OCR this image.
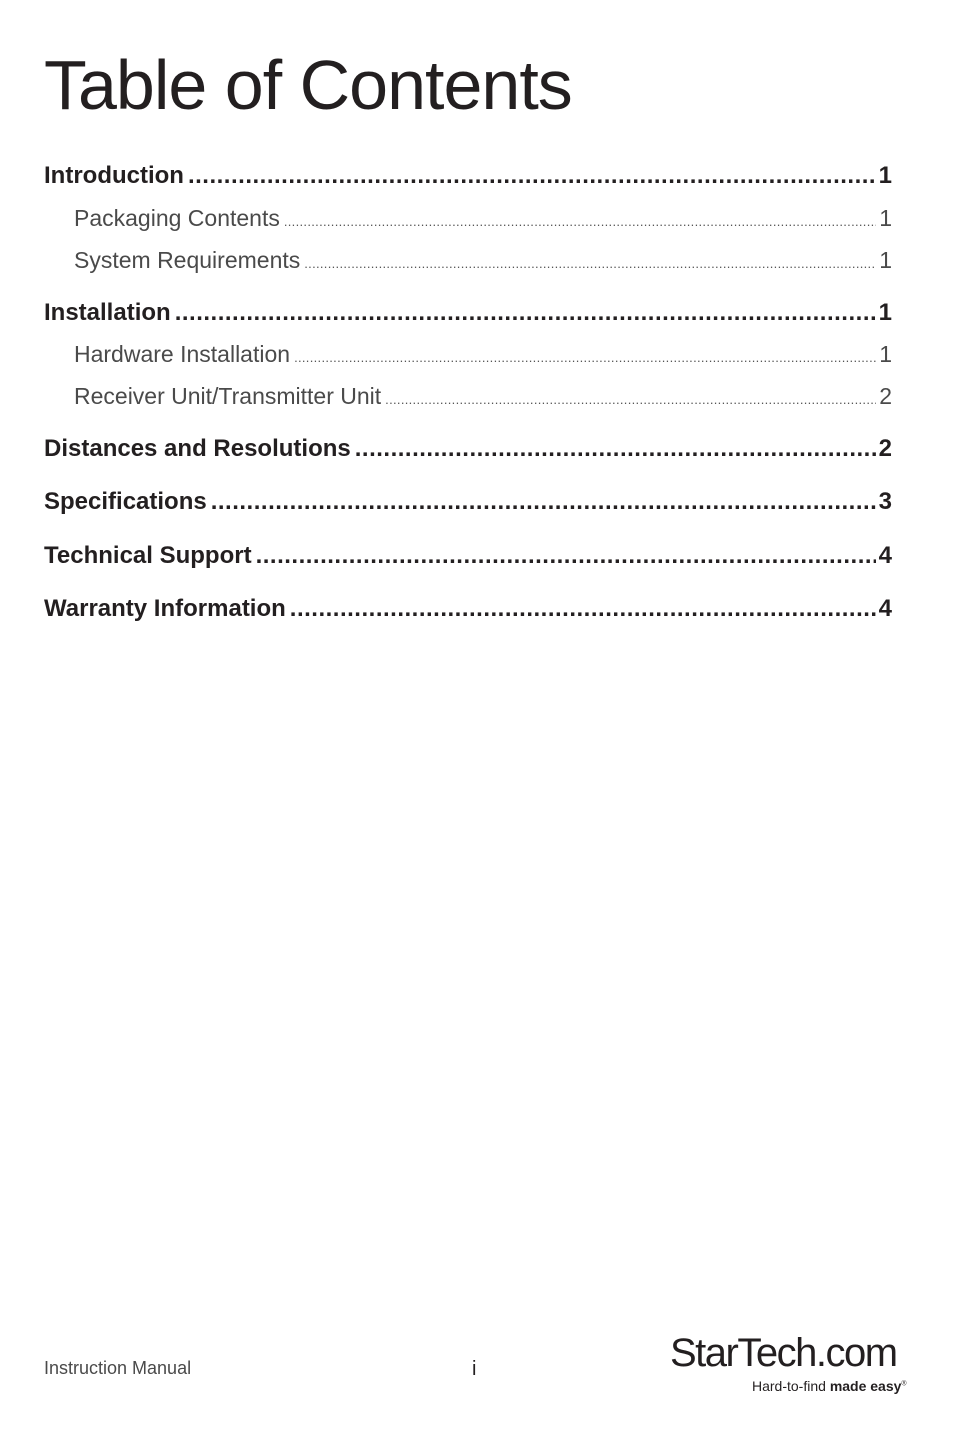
Table of Contents
Introduction .....	1
Packaging Contents .....	1
System Requirements .....	1
Installation .....	1
Hardware Installation .....	1
Receiver Unit/Transmitter Unit .....	2
Distances and Resolutions .....	2
Specifications .....	3
Technical Support .....	4
Warranty Information .....	4
Instruction Manual	i	StarTech.com
Hard-to-find made easy®
